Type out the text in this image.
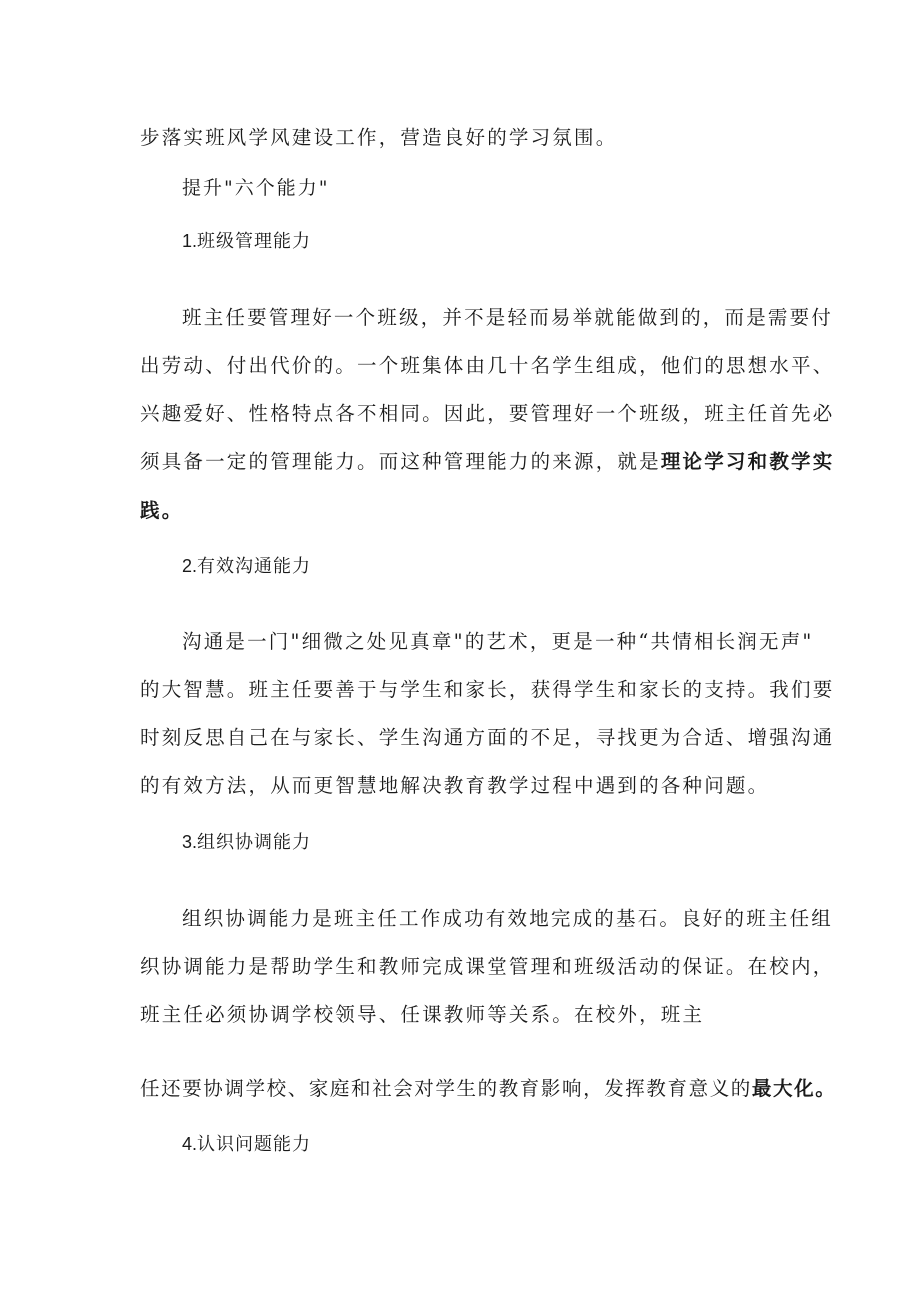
步落实班风学风建设工作，营造良好的学习氛围。

提升"六个能力"

1.班级管理能力

班主任要管理好一个班级，并不是轻而易举就能做到的，而是需要付

出劳动、付出代价的。一个班集体由几十名学生组成，他们的思想水平、

兴趣爱好、性格特点各不相同。因此，要管理好一个班级，班主任首先必

须具备一定的管理能力。而这种管理能力的来源，就是理论学习和教学实

践。

2.有效沟通能力

沟通是一门"细微之处见真章"的艺术，更是一种“共情相长润无声"

的大智慧。班主任要善于与学生和家长，获得学生和家长的支持。我们要

时刻反思自己在与家长、学生沟通方面的不足，寻找更为合适、增强沟通

的有效方法，从而更智慧地解决教育教学过程中遇到的各种问题。

3.组织协调能力

组织协调能力是班主任工作成功有效地完成的基石。良好的班主任组

织协调能力是帮助学生和教师完成课堂管理和班级活动的保证。在校内，

班主任必须协调学校领导、任课教师等关系。在校外，班主

任还要协调学校、家庭和社会对学生的教育影响，发挥教育意义的最大化。

4.认识问题能力
